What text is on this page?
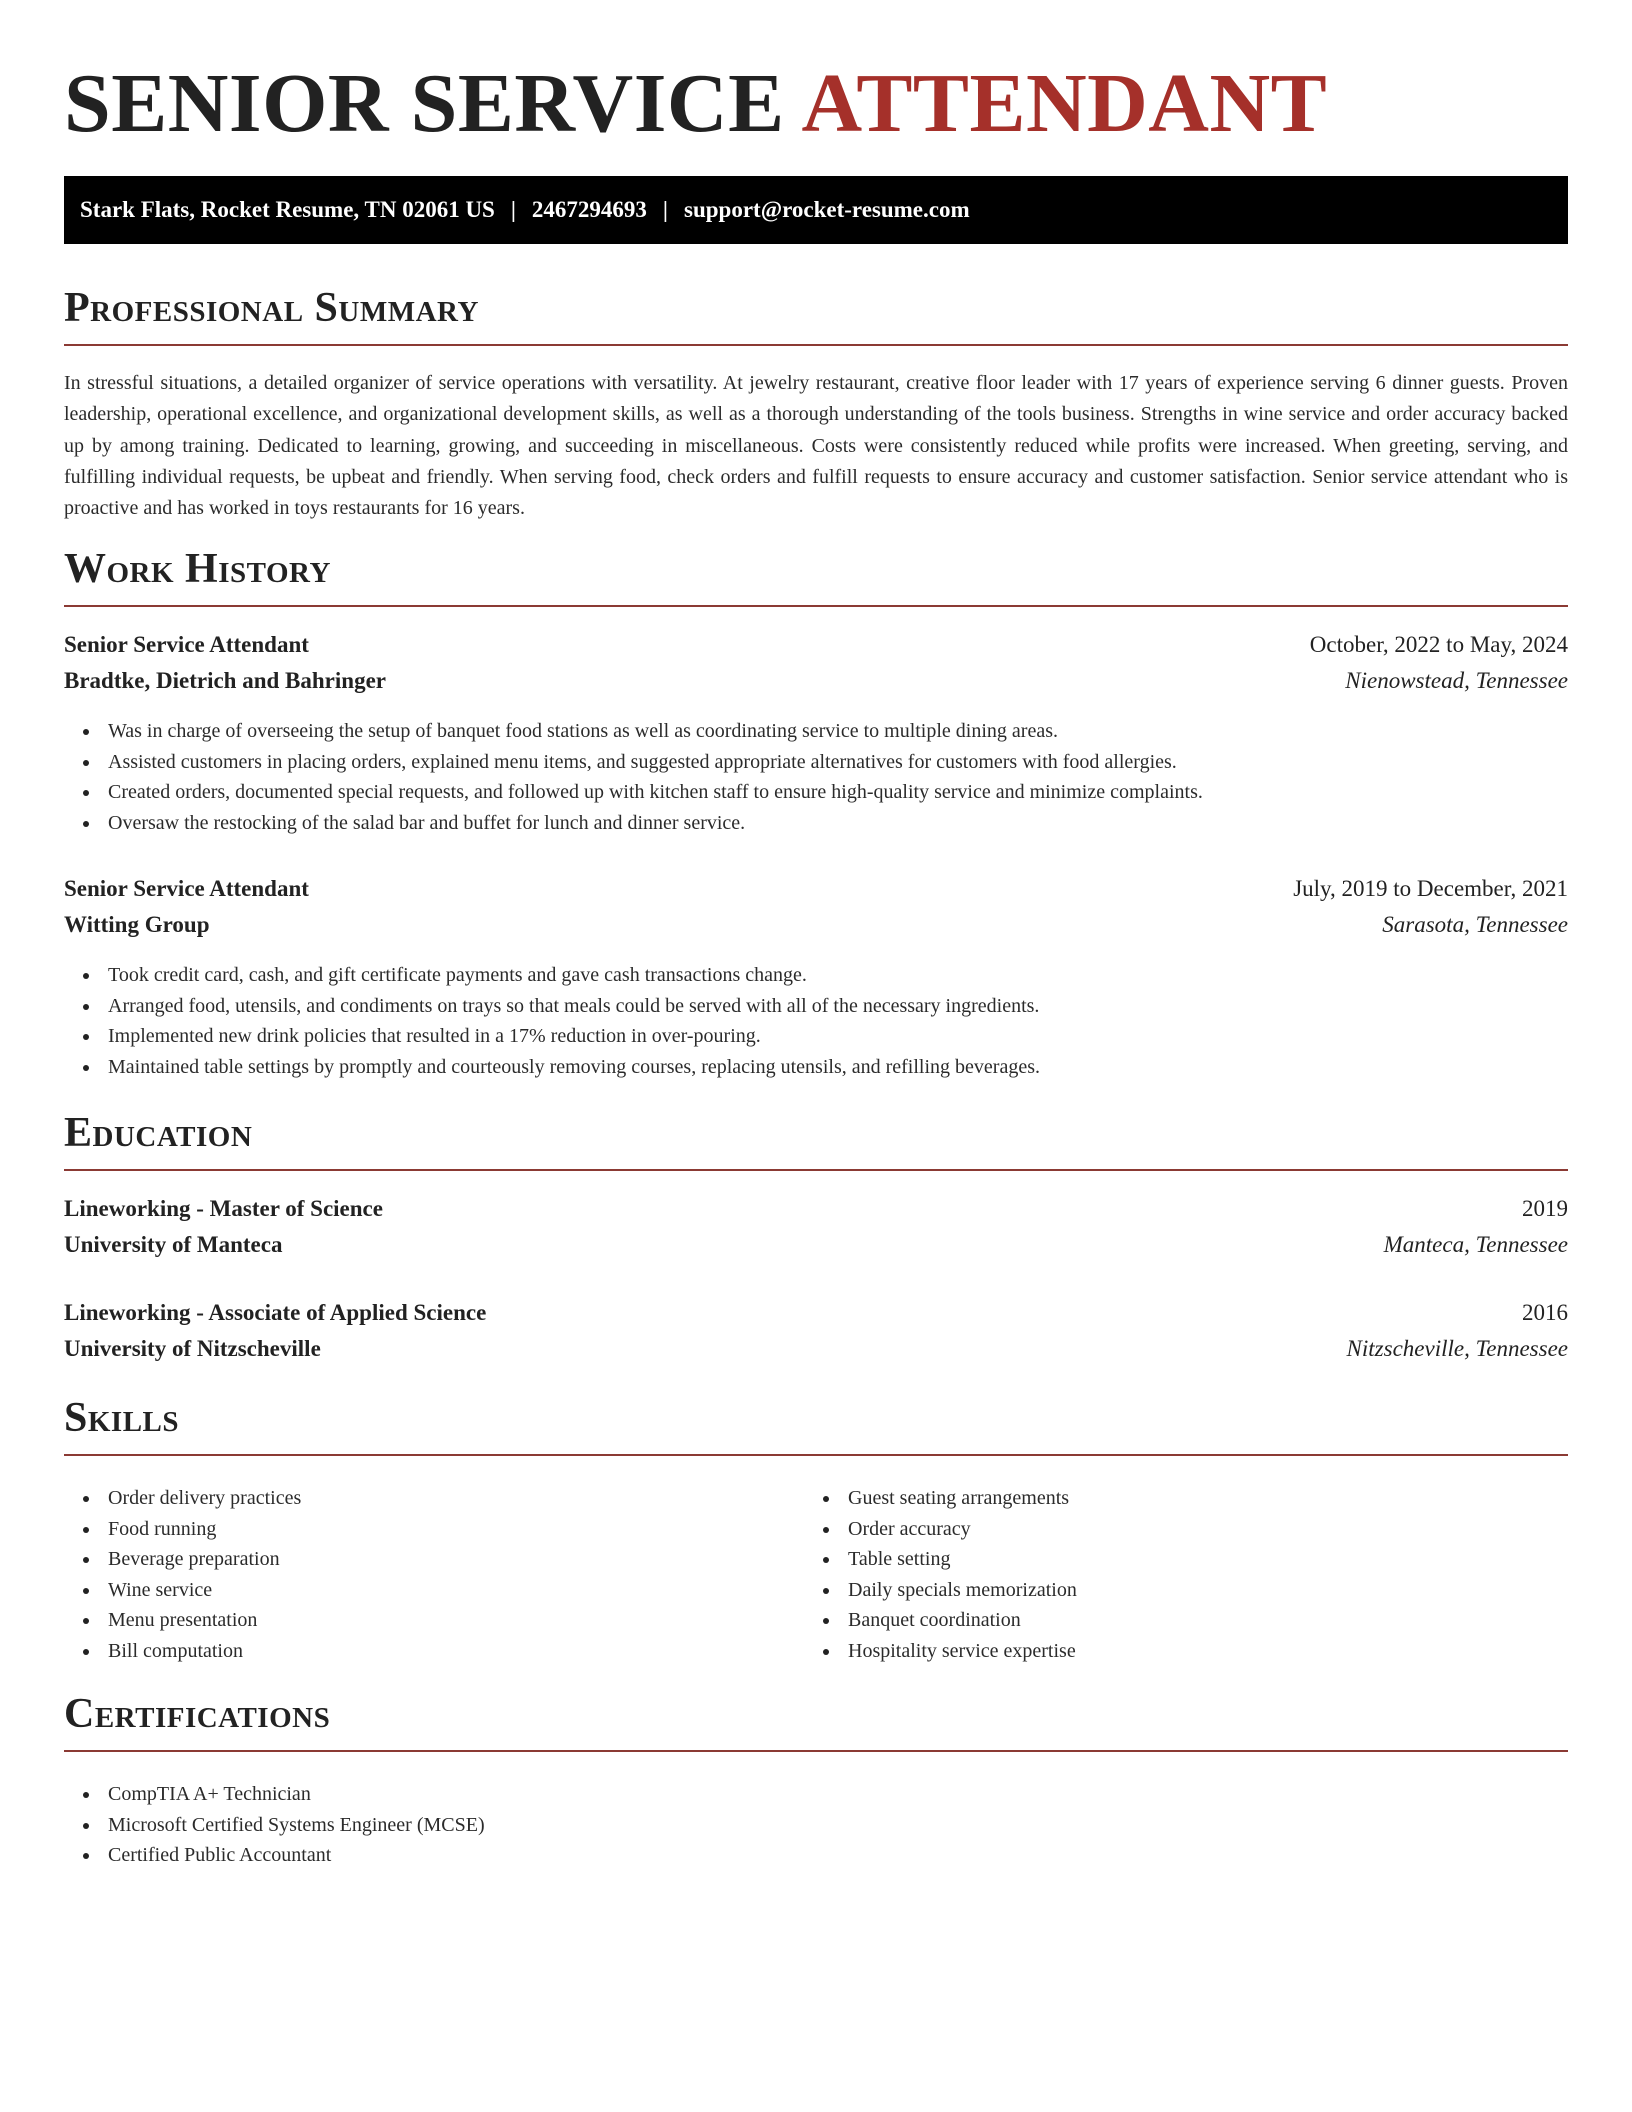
SENIOR SERVICE ATTENDANT
Stark Flats, Rocket Resume, TN 02061 US | 2467294693 | support@rocket-resume.com
Professional Summary

In stressful situations, a detailed organizer of service operations with versatility. At jewelry restaurant, creative floor leader with 17 years of experience serving 6 dinner guests. Proven leadership, operational excellence, and organizational development skills, as well as a thorough understanding of the tools business. Strengths in wine service and order accuracy backed up by among training. Dedicated to learning, growing, and succeeding in miscellaneous. Costs were consistently reduced while profits were increased. When greeting, serving, and fulfilling individual requests, be upbeat and friendly. When serving food, check orders and fulfill requests to ensure accuracy and customer satisfaction. Senior service attendant who is proactive and has worked in toys restaurants for 16 years.

Work History
Senior Service Attendant	October, 2022 to May, 2024
Bradtke, Dietrich and Bahringer	Nienowstead, Tennessee
Was in charge of overseeing the setup of banquet food stations as well as coordinating service to multiple dining areas.
Assisted customers in placing orders, explained menu items, and suggested appropriate alternatives for customers with food allergies.
Created orders, documented special requests, and followed up with kitchen staff to ensure high-quality service and minimize complaints.
Oversaw the restocking of the salad bar and buffet for lunch and dinner service.
Senior Service Attendant	July, 2019 to December, 2021
Witting Group	Sarasota, Tennessee
Took credit card, cash, and gift certificate payments and gave cash transactions change.
Arranged food, utensils, and condiments on trays so that meals could be served with all of the necessary ingredients.
Implemented new drink policies that resulted in a 17% reduction in over-pouring.
Maintained table settings by promptly and courteously removing courses, replacing utensils, and refilling beverages.
Education
Lineworking - Master of Science	2019
University of Manteca	Manteca, Tennessee
Lineworking - Associate of Applied Science	2016
University of Nitzscheville	Nitzscheville, Tennessee
Skills
Order delivery practices
Food running
Beverage preparation
Wine service
Menu presentation
Bill computation
Guest seating arrangements
Order accuracy
Table setting
Daily specials memorization
Banquet coordination
Hospitality service expertise
Certifications
CompTIA A+ Technician
Microsoft Certified Systems Engineer (MCSE)
Certified Public Accountant
